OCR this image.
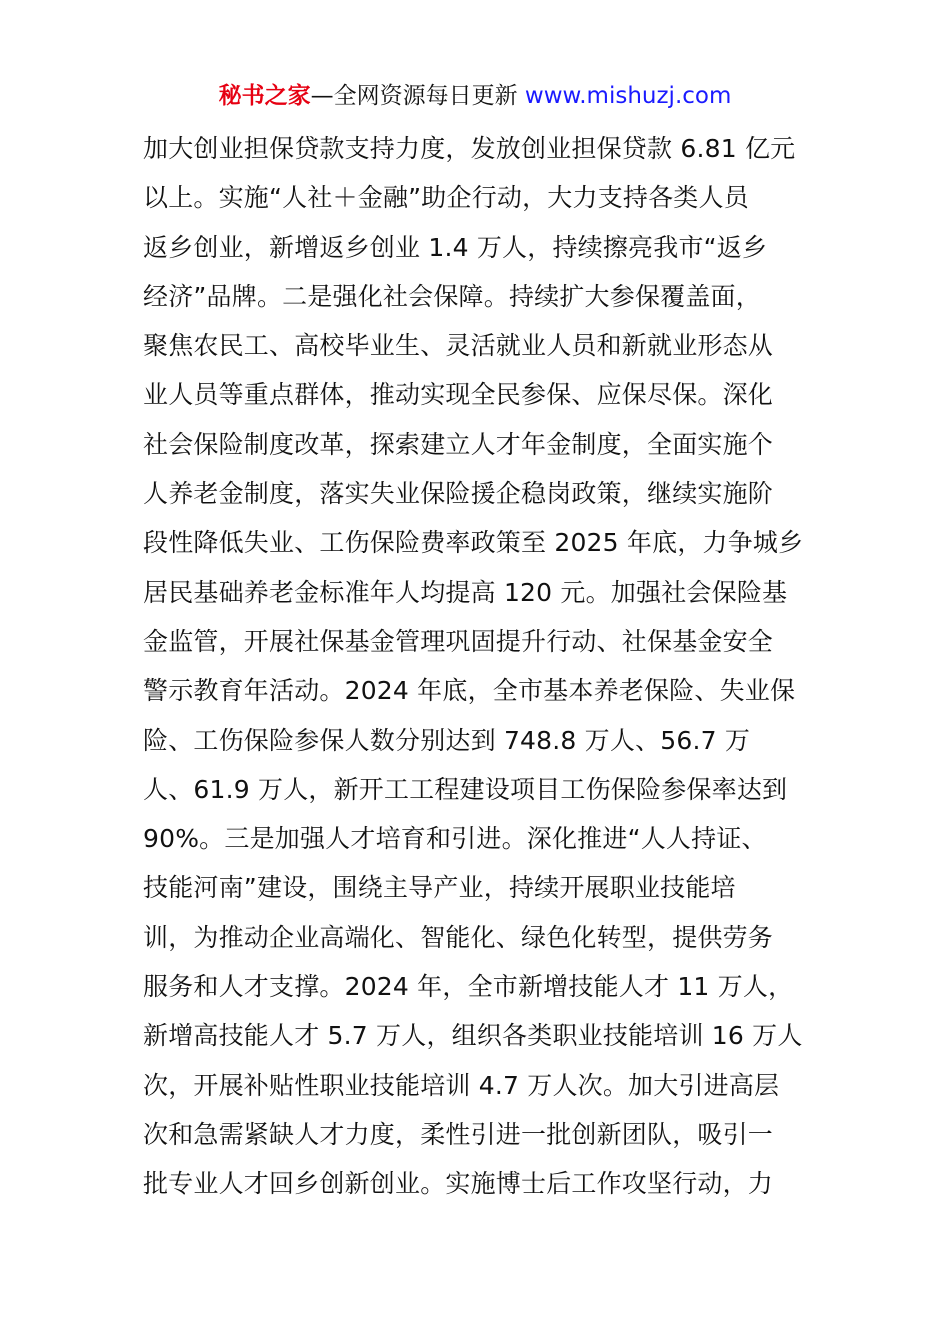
秘书之家—全网资源每日更新 www.mishuzj.com
加大创业担保贷款支持力度，发放创业担保贷款 6.81 亿元
以上。实施“人社＋金融”助企行动，大力支持各类人员
返乡创业，新增返乡创业 1.4 万人，持续擦亮我市“返乡
经济”品牌。二是强化社会保障。持续扩大参保覆盖面，
聚焦农民工、高校毕业生、灵活就业人员和新就业形态从
业人员等重点群体，推动实现全民参保、应保尽保。深化
社会保险制度改革，探索建立人才年金制度，全面实施个
人养老金制度，落实失业保险援企稳岗政策，继续实施阶
段性降低失业、工伤保险费率政策至 2025 年底，力争城乡
居民基础养老金标准年人均提高 120 元。加强社会保险基
金监管，开展社保基金管理巩固提升行动、社保基金安全
警示教育年活动。2024 年底，全市基本养老保险、失业保
险、工伤保险参保人数分别达到 748.8 万人、56.7 万
人、61.9 万人，新开工工程建设项目工伤保险参保率达到
90%。三是加强人才培育和引进。深化推进“人人持证、
技能河南”建设，围绕主导产业，持续开展职业技能培
训，为推动企业高端化、智能化、绿色化转型，提供劳务
服务和人才支撑。2024 年，全市新增技能人才 11 万人，
新增高技能人才 5.7 万人，组织各类职业技能培训 16 万人
次，开展补贴性职业技能培训 4.7 万人次。加大引进高层
次和急需紧缺人才力度，柔性引进一批创新团队，吸引一
批专业人才回乡创新创业。实施博士后工作攻坚行动，力
